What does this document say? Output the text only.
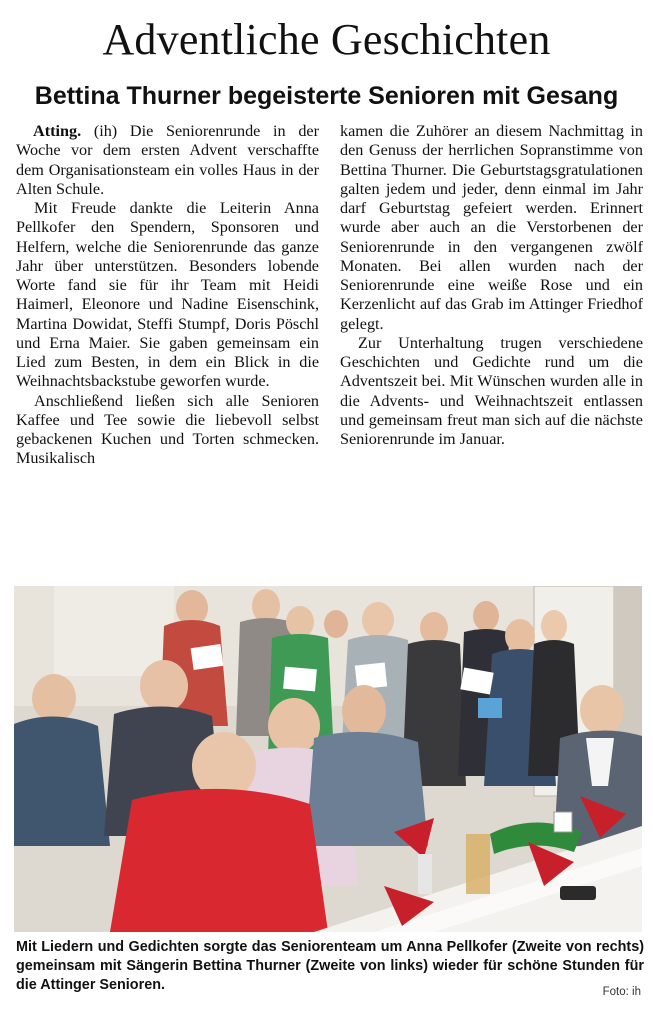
Adventliche Geschichten
Bettina Thurner begeisterte Senioren mit Gesang

Atting. (ih) Die Seniorenrunde in der Woche vor dem ersten Advent verschaffte dem Organisationsteam ein volles Haus in der Alten Schule.

Mit Freude dankte die Leiterin Anna Pellkofer den Spendern, Sponsoren und Helfern, welche die Seniorenrunde das ganze Jahr über unterstützen. Besonders lobende Worte fand sie für ihr Team mit Heidi Haimerl, Eleonore und Nadine Eisenschink, Martina Dowidat, Steffi Stumpf, Doris Pöschl und Erna Maier. Sie gaben gemeinsam ein Lied zum Besten, in dem ein Blick in die Weihnachtsbackstube geworfen wurde.

Anschließend ließen sich alle Senioren Kaffee und Tee sowie die liebevoll selbst gebackenen Kuchen und Torten schmecken. Musikalisch

kamen die Zuhörer an diesem Nachmittag in den Genuss der herrlichen Sopranstimme von Bettina Thurner. Die Geburtstagsgratulationen galten jedem und jeder, denn einmal im Jahr darf Geburtstag gefeiert werden. Erinnert wurde aber auch an die Verstorbenen der Seniorenrunde in den vergangenen zwölf Monaten. Bei allen wurden nach der Seniorenrunde eine weiße Rose und ein Kerzenlicht auf das Grab im Attinger Friedhof gelegt.

Zur Unterhaltung trugen verschiedene Geschichten und Gedichte rund um die Adventszeit bei. Mit Wünschen wurden alle in die Advents- und Weihnachtszeit entlassen und gemeinsam freut man sich auf die nächste Seniorenrunde im Januar.

Mit Liedern und Gedichten sorgte das Seniorenteam um Anna Pellkofer (Zweite von rechts) gemeinsam mit Sängerin Bettina Thurner (Zweite von links) wieder für schöne Stunden für die Attinger Senioren.	Foto: ih
